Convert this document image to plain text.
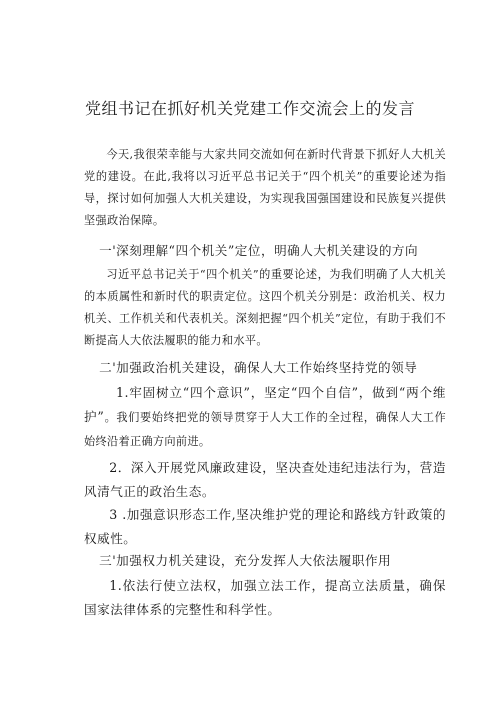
党组书记在抓好机关党建工作交流会上的发言

今天,我很荣幸能与大家共同交流如何在新时代背景下抓好人大机关党的建设。在此,我将以习近平总书记关于“四个机关”的重要论述为指导，探讨如何加强人大机关建设，为实现我国强国建设和民族复兴提供坚强政治保障。

一'深刻理解“四个机关”定位，明确人大机关建设的方向

习近平总书记关于“四个机关”的重要论述，为我们明确了人大机关的本质属性和新时代的职责定位。这四个机关分别是：政治机关、权力机关、工作机关和代表机关。深刻把握“四个机关”定位，有助于我们不断提高人大依法履职的能力和水平。

二'加强政治机关建设，确保人大工作始终坚持党的领导

1.牢固树立“四个意识”，坚定“四个自信”，做到“两个维护”。我们要始终把党的领导贯穿于人大工作的全过程，确保人大工作始终沿着正确方向前进。

2．深入开展党风廉政建设，坚决查处违纪违法行为，营造风清气正的政治生态。

3 .加强意识形态工作,坚决维护党的理论和路线方针政策的权威性。

三'加强权力机关建设，充分发挥人大依法履职作用

1.依法行使立法权，加强立法工作，提高立法质量，确保国家法律体系的完整性和科学性。
